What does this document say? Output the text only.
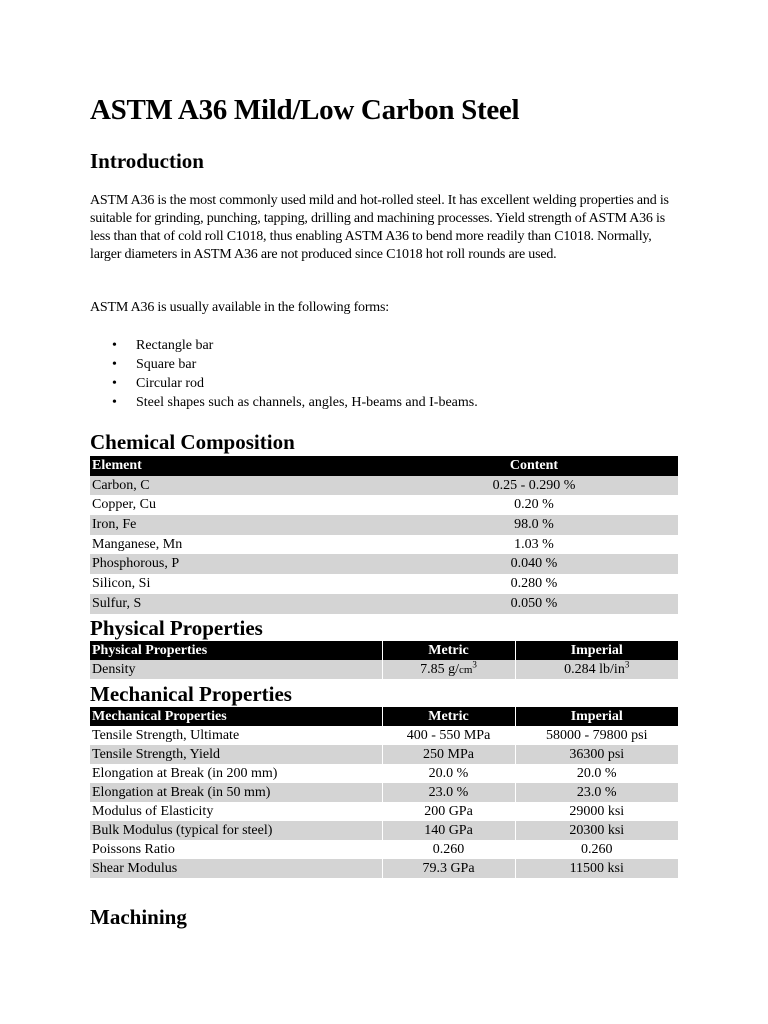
ASTM A36 Mild/Low Carbon Steel
Introduction

ASTM A36 is the most commonly used mild and hot-rolled steel. It has excellent welding properties and is suitable for grinding, punching, tapping, drilling and machining processes. Yield strength of ASTM A36 is less than that of cold roll C1018, thus enabling ASTM A36 to bend more readily than C1018. Normally, larger diameters in ASTM A36 are not produced since C1018 hot roll rounds are used.

ASTM A36 is usually available in the following forms:

• Rectangle bar
• Square bar
• Circular rod
• Steel shapes such as channels, angles, H-beams and I-beams.
Chemical Composition
Element	Content
Carbon, C	0.25 - 0.290 %
Copper, Cu	0.20 %
Iron, Fe	98.0 %
Manganese, Mn	1.03 %
Phosphorous, P	0.040 %
Silicon, Si	0.280 %
Sulfur, S	0.050 %
Physical Properties
Physical Properties	Metric	Imperial
Density	7.85 $g/cm^3$	0.284 $lb/in^3$
Mechanical Properties
Mechanical Properties	Metric	Imperial
Tensile Strength, Ultimate	400 - 550 MPa	58000 - 79800 psi
Tensile Strength, Yield	250 MPa	36300 psi
Elongation at Break (in 200 mm)	20.0 %	20.0 %
Elongation at Break (in 50 mm)	23.0 %	23.0 %
Modulus of Elasticity	200 GPa	29000 ksi
Bulk Modulus (typical for steel)	140 GPa	20300 ksi
Poissons Ratio	0.260	0.260
Shear Modulus	79.3 GPa	11500 ksi
Machining
